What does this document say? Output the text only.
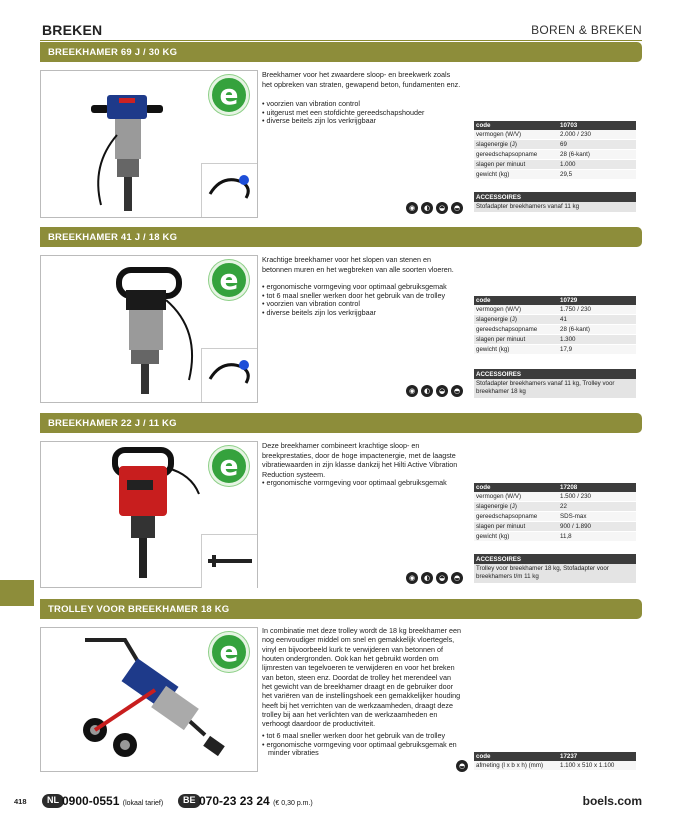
BREKEN	BOREN & BREKEN
BREEKHAMER 69 J / 30 KG
e
Breekhamer voor het zwaardere sloop- en breekwerk zoals het opbreken van straten, gewapend beton, fundamenten enz.
• voorzien van vibration control
• uitgerust met een stofdichte gereedschapshouder
• diverse beitels zijn los verkrijgbaar
code	10703
vermogen (W/V)	2.000 / 230
slagenergie (J)	69
gereedschapsopname	28 (6-kant)
slagen per minuut	1.000
gewicht (kg)	29,5
ACCESSOIRES
Stofadapter breekhamers vanaf 11 kg
◉	◐	◒	◓
BREEKHAMER 41 J / 18 KG
e
Krachtige breekhamer voor het slopen van stenen en betonnen muren en het wegbreken van alle soorten vloeren.
• ergonomische vormgeving voor optimaal gebruiksgemak
• tot 6 maal sneller werken door het gebruik van de trolley
• voorzien van vibration control
• diverse beitels zijn los verkrijgbaar
code	10729
vermogen (W/V)	1.750 / 230
slagenergie (J)	41
gereedschapsopname	28 (6-kant)
slagen per minuut	1.300
gewicht (kg)	17,9
ACCESSOIRES
Stofadapter breekhamers vanaf 11 kg, Trolley voor breekhamer 18 kg
◉	◐	◒	◓
BREEKHAMER 22 J / 11 KG
e
Deze breekhamer combineert krachtige sloop- en breekprestaties, door de hoge impactenergie, met de laagste vibratiewaarden in zijn klasse dankzij het Hilti Active Vibration Reduction systeem.
• ergonomische vormgeving voor optimaal gebruiksgemak
code	17208
vermogen (W/V)	1.500 / 230
slagenergie (J)	22
gereedschapsopname	SDS-max
slagen per minuut	900 / 1.890
gewicht (kg)	11,8
ACCESSOIRES
Trolley voor breekhamer 18 kg, Stofadapter voor breekhamers t/m 11 kg
◉	◐	◒	◓
TROLLEY VOOR BREEKHAMER 18 KG
e
In combinatie met deze trolley wordt de 18 kg breekhamer een nog eenvoudiger middel om snel en gemakkelijk vloertegels, vinyl en bijvoorbeeld kurk te verwijderen van betonnen of houten ondergronden. Ook kan het gebruikt worden om lijmresten van tegelvoeren te verwijderen en voor het breken van beton, steen enz. Doordat de trolley het merendeel van het gewicht van de breekhamer draagt en de gebruiker door het variëren van de instellingshoek een gemakkelijker houding heeft bij het verrichten van de werkzaamheden, draagt deze trolley bij aan het verlichten van de werkzaamheden en verhoogt daardoor de productiviteit.
• tot 6 maal sneller werken door het gebruik van de trolley
• ergonomische vormgeving voor optimaal gebruiksgemak en minder vibraties	code	17237
afmeting (l x b x h) (mm)	1.100 x 510 x 1.100
◓
418	NL 0900-0551 (lokaal tarief)	BE 070-23 23 24 (€ 0,30 p.m.)	boels.com
